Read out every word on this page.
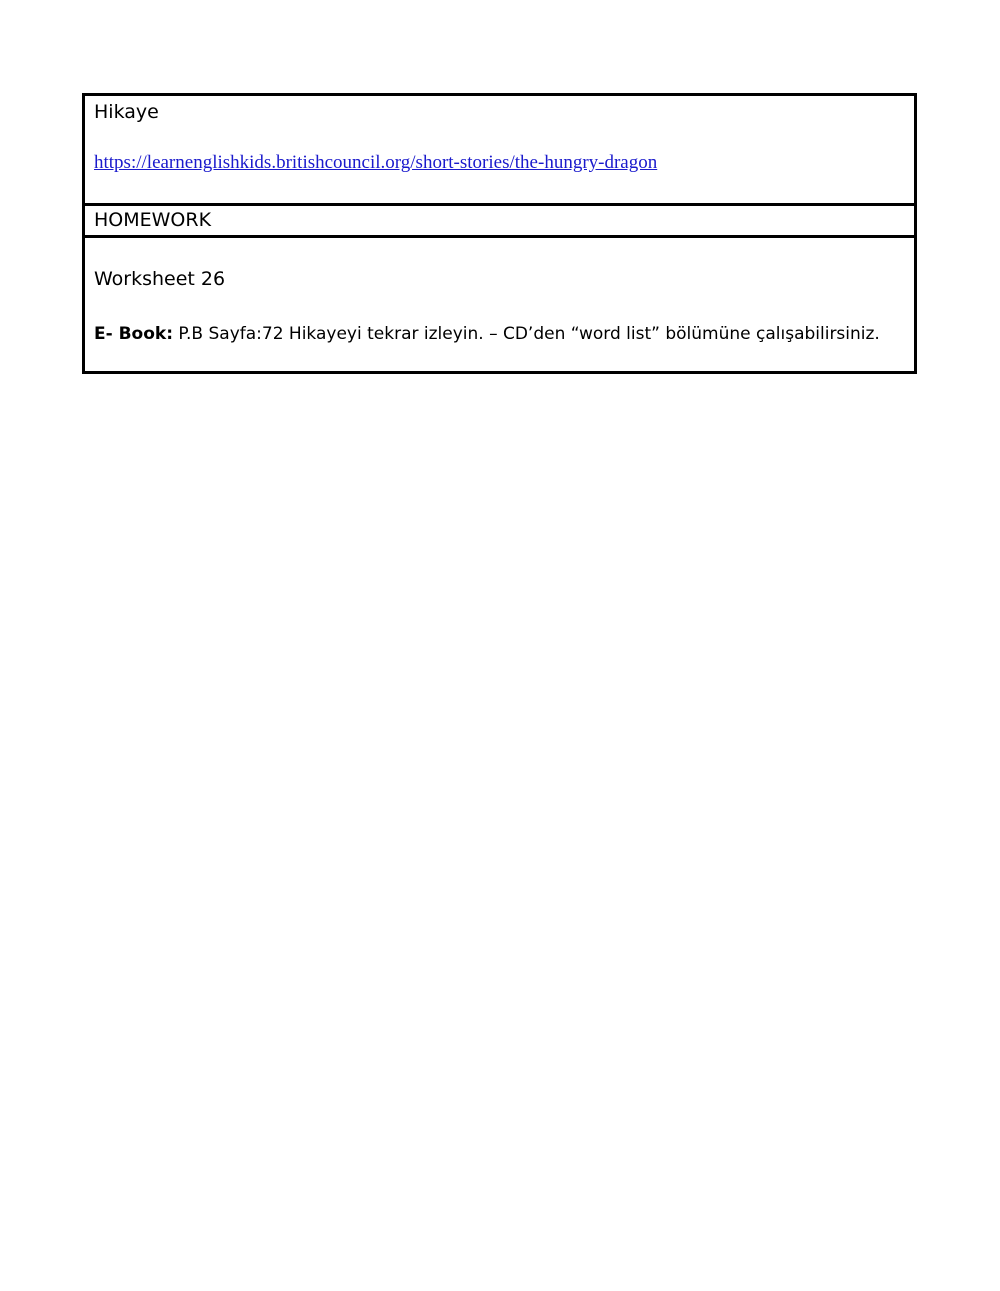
Hikaye
https://learnenglishkids.britishcouncil.org/short-stories/the-hungry-dragon
HOMEWORK
Worksheet 26
E- Book: P.B Sayfa:72 Hikayeyi tekrar izleyin. – CD’den “word list” bölümüne çalışabilirsiniz.
